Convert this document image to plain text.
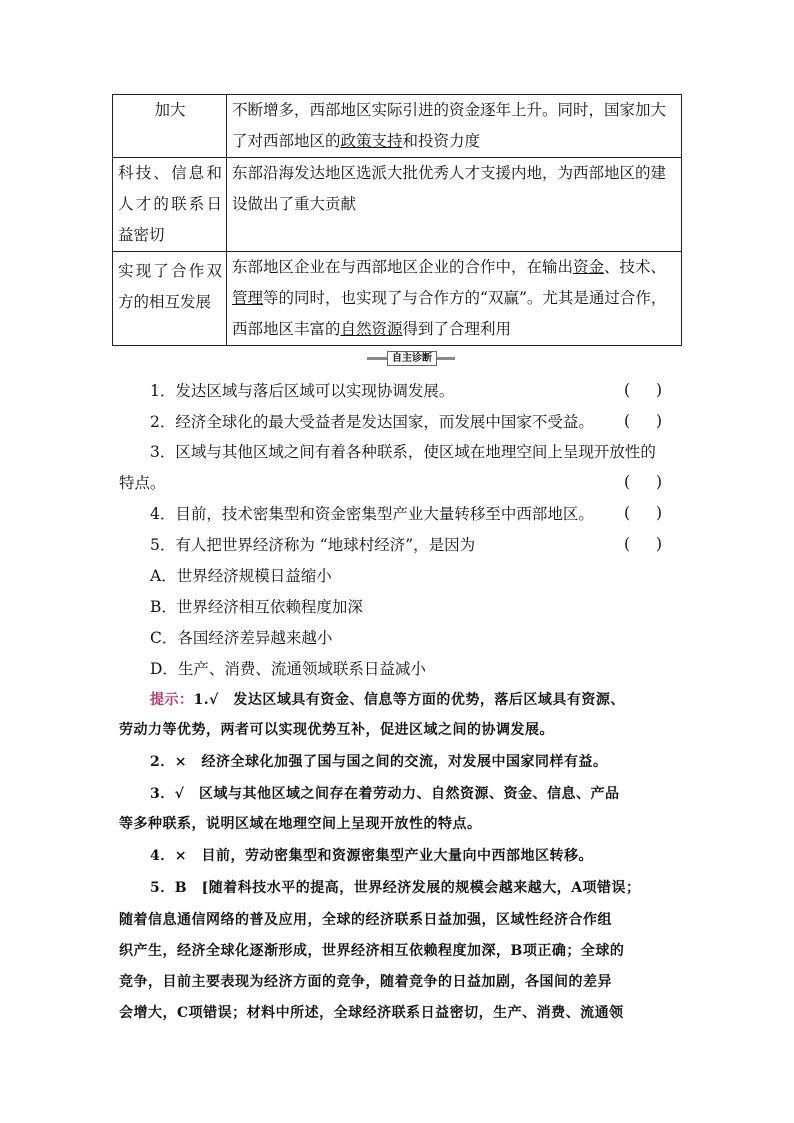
加大	不断增多，西部地区实际引进的资金逐年上升。同时，国家加大了对西部地区的政策支持和投资力度

科技、信息和人才的联系日益密切	东部沿海发达地区选派大批优秀人才支援内地，为西部地区的建设做出了重大贡献

实现了合作双方的相互发展	东部地区企业在与西部地区企业的合作中，在输出资金、技术、管理等的同时，也实现了与合作方的“双赢”。尤其是通过合作，西部地区丰富的自然资源得到了合理利用
自主诊断
1．发达区域与落后区域可以实现协调发展。	( )
2．经济全球化的最大受益者是发达国家，而发展中国家不受益。 ( )
3．区域与其他区域之间有着各种联系，使区域在地理空间上呈现开放性的
特点。	( )
4．目前，技术密集型和资金密集型产业大量转移至中西部地区。 ( )
5．有人把世界经济称为 “地球村经济”，是因为	( )
A．世界经济规模日益缩小
B．世界经济相互依赖程度加深
C．各国经济差异越来越小
D．生产、消费、流通领域联系日益减小
提示：1.√　发达区域具有资金、信息等方面的优势，落后区域具有资源、
劳动力等优势，两者可以实现优势互补，促进区域之间的协调发展。
2．×　经济全球化加强了国与国之间的交流，对发展中国家同样有益。
3．√　区域与其他区域之间存在着劳动力、自然资源、资金、信息、产品
等多种联系，说明区域在地理空间上呈现开放性的特点。
4．×　目前，劳动密集型和资源密集型产业大量向中西部地区转移。
5．B　[随着科技水平的提高，世界经济发展的规模会越来越大，A项错误；
随着信息通信网络的普及应用，全球的经济联系日益加强，区域性经济合作组
织产生，经济全球化逐渐形成，世界经济相互依赖程度加深，B项正确；全球的
竞争，目前主要表现为经济方面的竞争，随着竞争的日益加剧，各国间的差异
会增大，C项错误；材料中所述，全球经济联系日益密切，生产、消费、流通领
